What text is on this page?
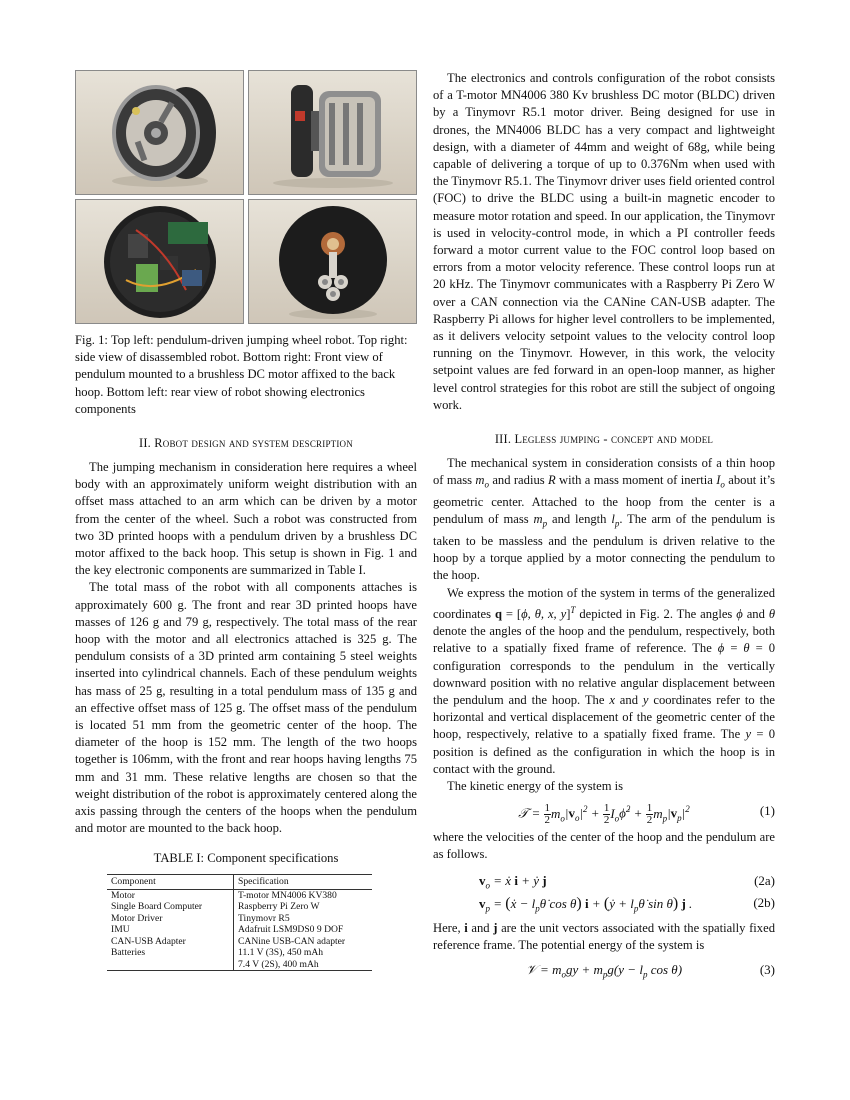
Fig. 1: Top left: pendulum-driven jumping wheel robot. Top right: side view of disassembled robot. Bottom right: Front view of pendulum mounted to a brushless DC motor affixed to the back hoop. Bottom left: rear view of robot showing electronics components
II. Robot design and system description

The jumping mechanism in consideration here requires a wheel body with an approximately uniform weight distribution with an offset mass attached to an arm which can be driven by a motor from the center of the wheel. Such a robot was constructed from two 3D printed hoops with a pendulum driven by a brushless DC motor affixed to the back hoop. This setup is shown in Fig. 1 and the key electronic components are summarized in Table I.

The total mass of the robot with all components attaches is approximately 600 g. The front and rear 3D printed hoops have masses of 126 g and 79 g, respectively. The total mass of the rear hoop with the motor and all electronics attached is 325 g. The pendulum consists of a 3D printed arm containing 5 steel weights inserted into cylindrical channels. Each of these pendulum weights has mass of 25 g, resulting in a total pendulum mass of 135 g and an effective offset mass of 125 g. The offset mass of the pendulum is located 51 mm from the geometric center of the hoop. The diameter of the hoop is 152 mm. The length of the two hoops together is 106mm, with the front and rear hoops having lengths 75 mm and 31 mm. These relative lengths are chosen so that the weight distribution of the robot is approximately centered along the axis passing through the centers of the hoops when the pendulum and motor are mounted to the back hoop.

TABLE I: Component specifications
Component	Specification
Motor	T-motor MN4006 KV380
Single Board Computer	Raspberry Pi Zero W
Motor Driver	Tinymovr R5
IMU	Adafruit LSM9DS0 9 DOF
CAN-USB Adapter	CANine USB-CAN adapter
Batteries	11.1 V (3S), 450 mAh
	7.4 V (2S), 400 mAh

The electronics and controls configuration of the robot consists of a T-motor MN4006 380 Kv brushless DC motor (BLDC) driven by a Tinymovr R5.1 motor driver. Being designed for use in drones, the MN4006 BLDC has a very compact and lightweight design, with a diameter of 44mm and weight of 68g, while being capable of delivering a torque of up to 0.376Nm when used with the Tinymovr R5.1. The Tinymovr driver uses field oriented control (FOC) to drive the BLDC using a built-in magnetic encoder to measure motor rotation and speed. In our application, the Tinymovr is used in velocity-control mode, in which a PI controller feeds forward a motor current value to the FOC control loop based on errors from a motor velocity reference. These control loops run at 20 kHz. The Tinymovr communicates with a Raspberry Pi Zero W over a CAN connection via the CANine CAN-USB adapter. The Raspberry Pi allows for higher level controllers to be implemented, as it delivers velocity setpoint values to the velocity control loop running on the Tinymovr. However, in this work, the velocity setpoint values are fed forward in an open-loop manner, as higher level control strategies for this robot are still the subject of ongoing work.

III. Legless jumping - concept and model

The mechanical system in consideration consists of a thin hoop of mass $m_o$ and radius R with a mass moment of inertia $I_o$ about it’s geometric center. Attached to the hoop from the center is a pendulum of mass $m_p$ and length $l_p$. The arm of the pendulum is taken to be massless and the pendulum is driven relative to the hoop by a torque applied by a motor connecting the pendulum to the hoop.

We express the motion of the system in terms of the generalized coordinates q = [ϕ, θ, x, y]$^T$ depicted in Fig. 2. The angles ϕ and θ denote the angles of the hoop and the pendulum, respectively, both relative to a spatially fixed frame of reference. The ϕ = θ = 0 configuration corresponds to the pendulum in the vertically downward position with no relative angular displacement between the pendulum and the hoop. The x and y coordinates refer to the horizontal and vertical displacement of the geometric center of the hoop, respectively, relative to a spatially fixed frame. The y = 0 position is defined as the configuration in which the hoop is in contact with the ground.

The kinetic energy of the system is

𝒯 = $\frac{1}{2} m_o|v_o|^2 + \frac{1}{2}$ $I_o\phi̇^2 + \frac{1}{2} m_p|v_p|^2$	(1)

where the velocities of the center of the hoop and the pendulum are as follows.

$v_o$ = ẋ i + ẏ j	(2a)
$v_p$ = (ẋ − $l_p\thetȧ$ cos θ) i + (ẏ + $l_p\thetȧ$ sin θ) j .	(2b)

Here, i and j are the unit vectors associated with the spatially fixed reference frame. The potential energy of the system is

𝒱 = $m_ogy + m_pg(y - l_p$ cos θ)	(3)
